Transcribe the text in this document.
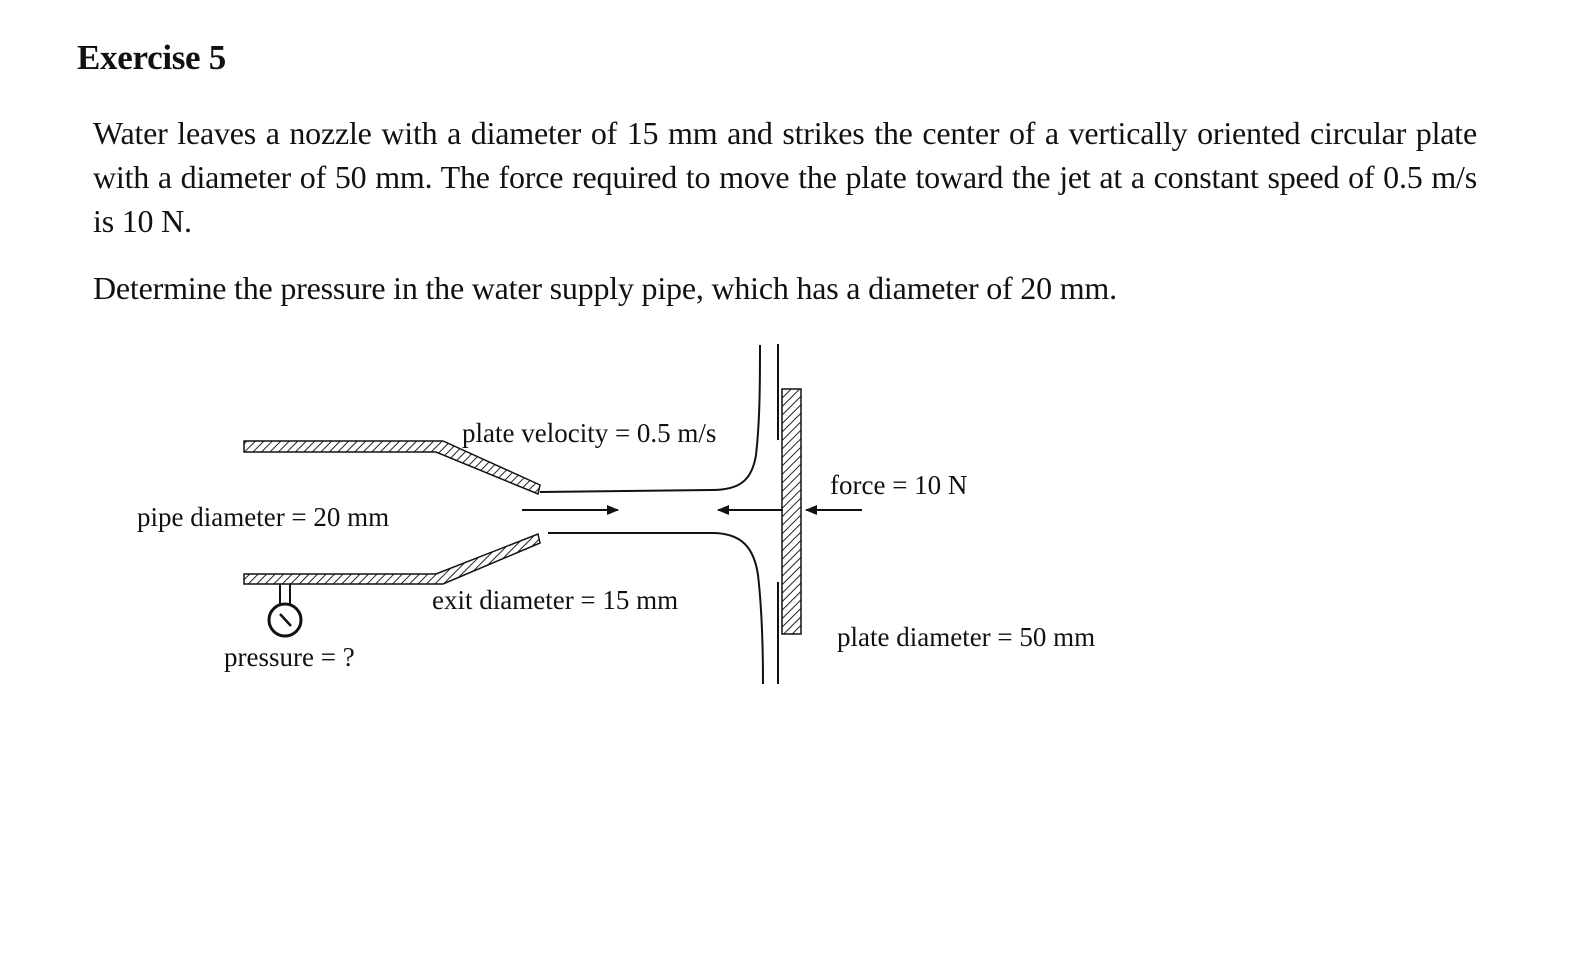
Exercise 5

Water leaves a nozzle with a diameter of 15 mm and strikes the center of a vertically oriented circular plate with a diameter of 50 mm. The force required to move the plate toward the jet at a constant speed of 0.5 m/s is 10 N.

Determine the pressure in the water supply pipe, which has a diameter of 20 mm.

plate velocity = 0.5 m/s
force = 10 N
pipe diameter = 20 mm
exit diameter = 15 mm
plate diameter = 50 mm
pressure = ?
